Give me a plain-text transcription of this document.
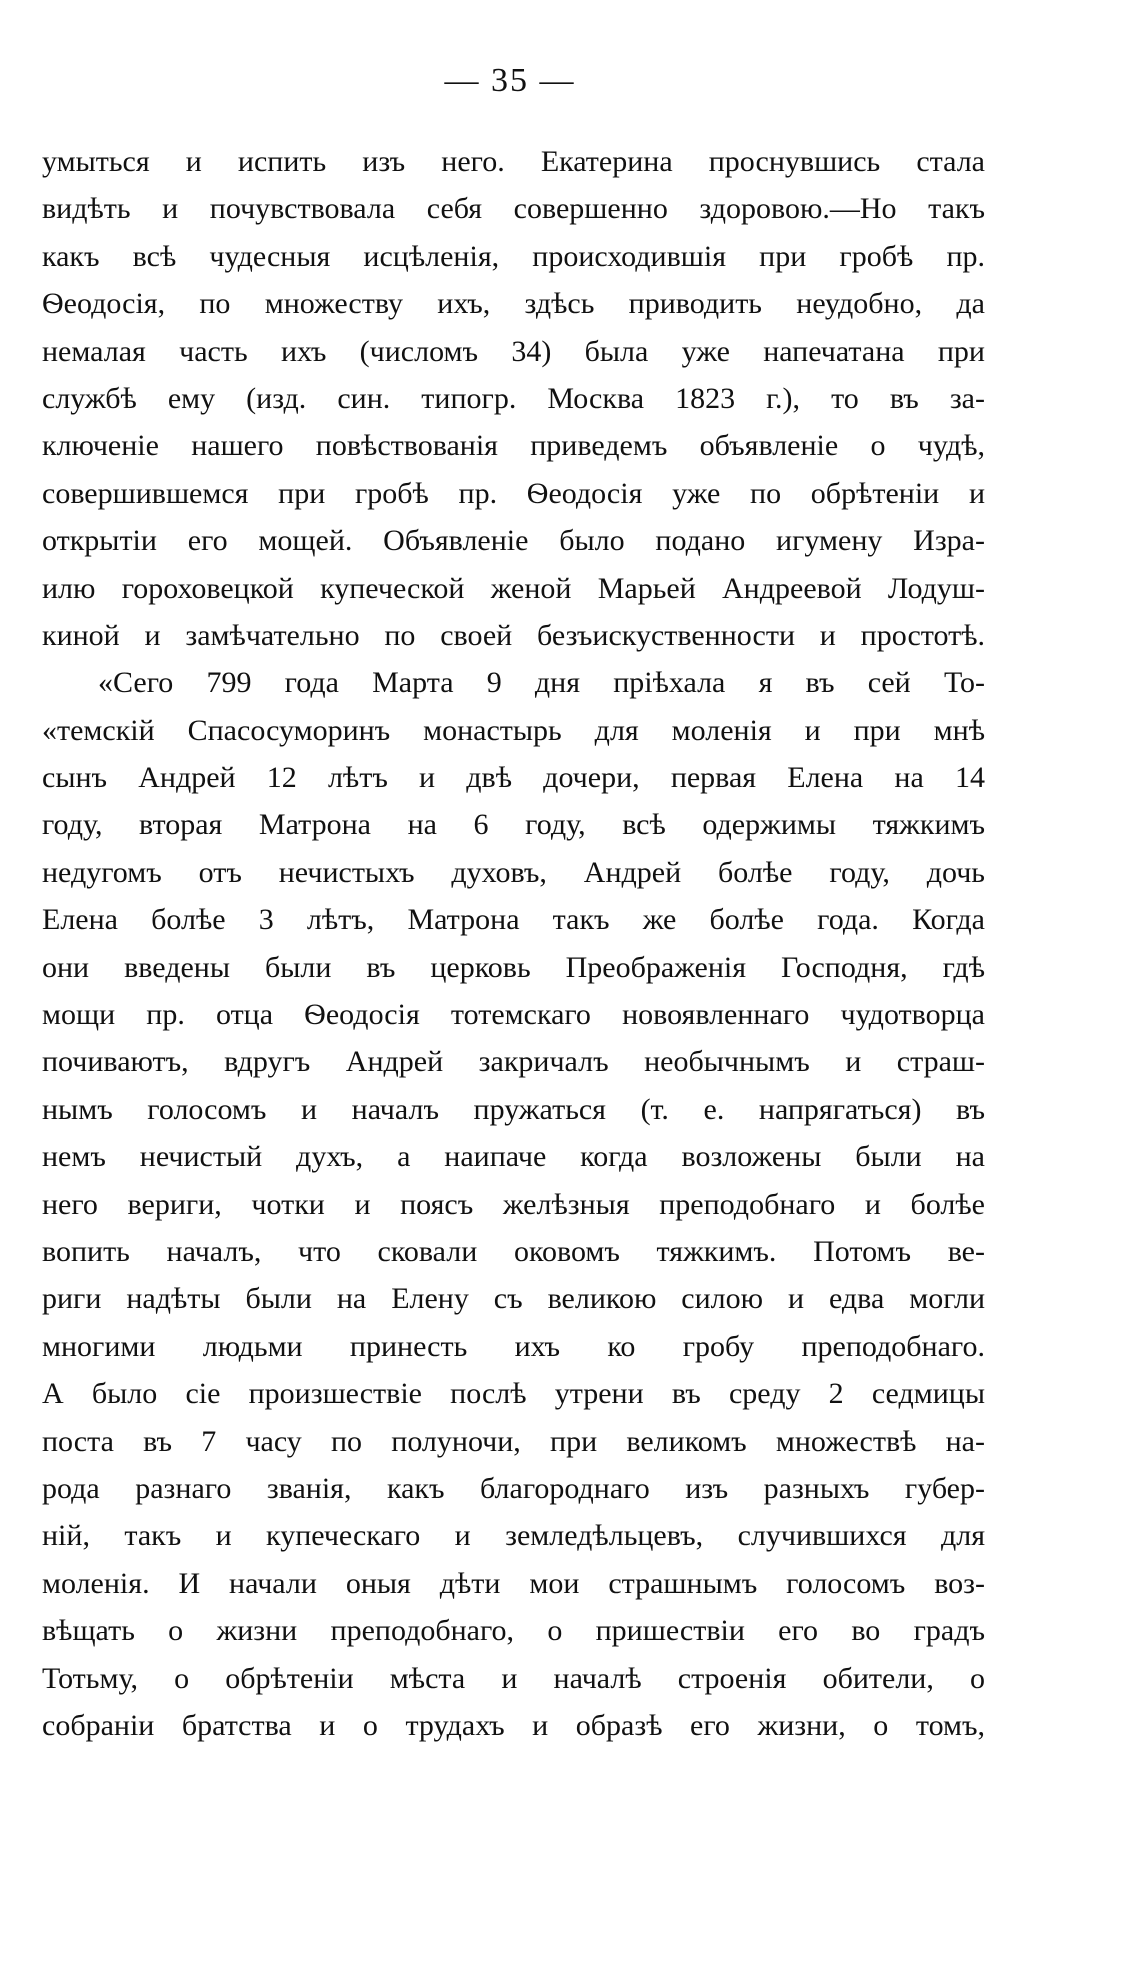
— 35 —
умыться и испить изъ него. Екатерина проснувшись стала
видѣть и почувствовала себя совершенно здоровою.—Но такъ
какъ всѣ чудесныя исцѣленія, происходившія при гробѣ пр.
Ѳеодосія, по множеству ихъ, здѣсь приводить неудобно, да
немалая часть ихъ (числомъ 34) была уже напечатана при
службѣ ему (изд. син. типогр. Москва 1823 г.), то въ за-
ключеніе нашего повѣствованія приведемъ объявленіе о чудѣ,
совершившемся при гробѣ пр. Ѳеодосія уже по обрѣтеніи и
открытіи его мощей. Объявленіе было подано игумену Изра-
илю гороховецкой купеческой женой Марьей Андреевой Лодуш-
киной и замѣчательно по своей безъискуственности и простотѣ.
«Сего 799 года Марта 9 дня пріѣхала я въ сей То-
«темскій Спасосуморинъ монастырь для моленія и при мнѣ
сынъ Андрей 12 лѣтъ и двѣ дочери, первая Елена на 14
году, вторая Матрона на 6 году, всѣ одержимы тяжкимъ
недугомъ отъ нечистыхъ духовъ, Андрей болѣе году, дочь
Елена болѣе 3 лѣтъ, Матрона такъ же болѣе года. Когда
они введены были въ церковь Преображенія Господня, гдѣ
мощи пр. отца Ѳеодосія тотемскаго новоявленнаго чудотворца
почиваютъ, вдругъ Андрей закричалъ необычнымъ и страш-
нымъ голосомъ и началъ пружаться (т. е. напрягаться) въ
немъ нечистый духъ, а наипаче когда возложены были на
него вериги, чотки и поясъ желѣзныя преподобнаго и болѣе
вопить началъ, что сковали оковомъ тяжкимъ. Потомъ ве-
риги надѣты были на Елену съ великою силою и едва могли
многими людьми принесть ихъ ко гробу преподобнаго.
А было сіе произшествіе послѣ утрени въ среду 2 седмицы
поста въ 7 часу по полуночи, при великомъ множествѣ на-
рода разнаго званія, какъ благороднаго изъ разныхъ губер-
ній, такъ и купеческаго и земледѣльцевъ, случившихся для
моленія. И начали оныя дѣти мои страшнымъ голосомъ воз-
вѣщать о жизни преподобнаго, о пришествіи его во градъ
Тотьму, о обрѣтеніи мѣста и началѣ строенія обители, о
собраніи братства и о трудахъ и образѣ его жизни, о томъ,
